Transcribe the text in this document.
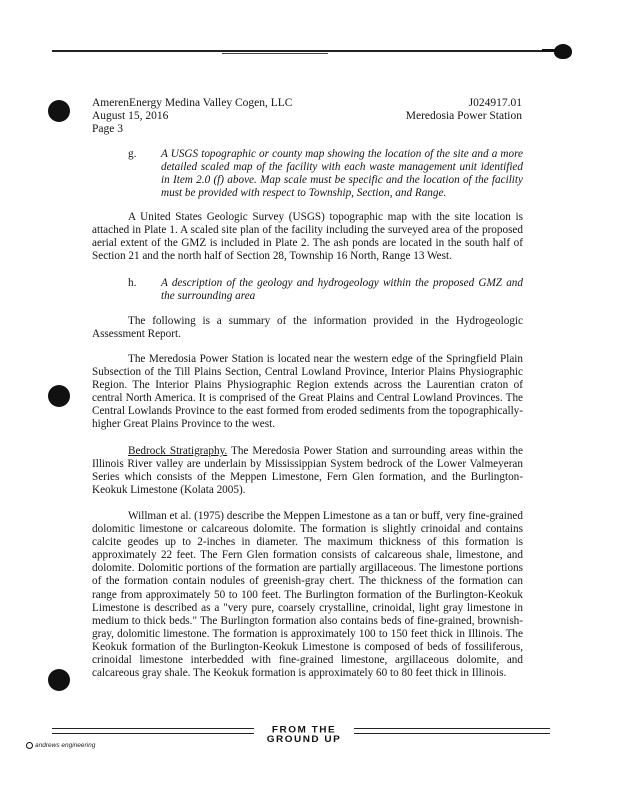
AmerenEnergy Medina Valley Cogen, LLC
August 15, 2016
Page 3
J024917.01
Meredosia Power Station
g. A USGS topographic or county map showing the location of the site and a more detailed scaled map of the facility with each waste management unit identified in Item 2.0 (f) above. Map scale must be specific and the location of the facility must be provided with respect to Township, Section, and Range.

A United States Geologic Survey (USGS) topographic map with the site location is attached in Plate 1. A scaled site plan of the facility including the surveyed area of the proposed aerial extent of the GMZ is included in Plate 2. The ash ponds are located in the south half of Section 21 and the north half of Section 28, Township 16 North, Range 13 West.

h. A description of the geology and hydrogeology within the proposed GMZ and the surrounding area

The following is a summary of the information provided in the Hydrogeologic Assessment Report.

The Meredosia Power Station is located near the western edge of the Springfield Plain Subsection of the Till Plains Section, Central Lowland Province, Interior Plains Physiographic Region. The Interior Plains Physiographic Region extends across the Laurentian craton of central North America. It is comprised of the Great Plains and Central Lowland Provinces. The Central Lowlands Province to the east formed from eroded sediments from the topographically-higher Great Plains Province to the west.

Bedrock Stratigraphy. The Meredosia Power Station and surrounding areas within the Illinois River valley are underlain by Mississippian System bedrock of the Lower Valmeyeran Series which consists of the Meppen Limestone, Fern Glen formation, and the Burlington-Keokuk Limestone (Kolata 2005).

Willman et al. (1975) describe the Meppen Limestone as a tan or buff, very fine-grained dolomitic limestone or calcareous dolomite. The formation is slightly crinoidal and contains calcite geodes up to 2-inches in diameter. The maximum thickness of this formation is approximately 22 feet. The Fern Glen formation consists of calcareous shale, limestone, and dolomite. Dolomitic portions of the formation are partially argillaceous. The limestone portions of the formation contain nodules of greenish-gray chert. The thickness of the formation can range from approximately 50 to 100 feet. The Burlington formation of the Burlington-Keokuk Limestone is described as a "very pure, coarsely crystalline, crinoidal, light gray limestone in medium to thick beds." The Burlington formation also contains beds of fine-grained, brownish-gray, dolomitic limestone. The formation is approximately 100 to 150 feet thick in Illinois. The Keokuk formation of the Burlington-Keokuk Limestone is composed of beds of fossiliferous, crinoidal limestone interbedded with fine-grained limestone, argillaceous dolomite, and calcareous gray shale. The Keokuk formation is approximately 60 to 80 feet thick in Illinois.

FROM THE GROUND UP
andrews engineering
